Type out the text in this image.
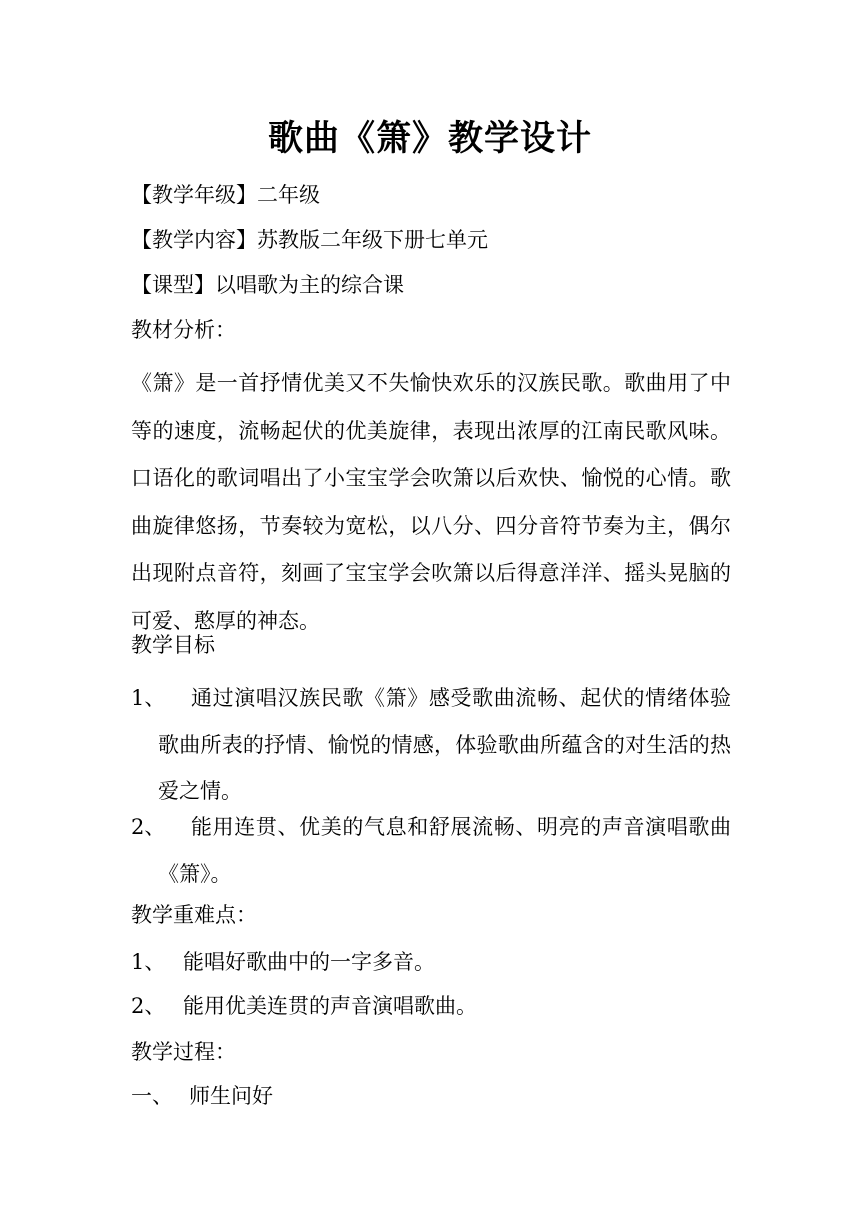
歌曲《箫》教学设计
【教学年级】二年级
【教学内容】苏教版二年级下册七单元
【课型】以唱歌为主的综合课
教材分析：
《箫》是一首抒情优美又不失愉快欢乐的汉族民歌。歌曲用了中等的速度，流畅起伏的优美旋律，表现出浓厚的江南民歌风味。口语化的歌词唱出了小宝宝学会吹箫以后欢快、愉悦的心情。歌曲旋律悠扬，节奏较为宽松，以八分、四分音符节奏为主，偶尔出现附点音符，刻画了宝宝学会吹箫以后得意洋洋、摇头晃脑的可爱、憨厚的神态。
教学目标
1、	通过演唱汉族民歌《箫》感受歌曲流畅、起伏的情绪体验歌曲所表的抒情、愉悦的情感，体验歌曲所蕴含的对生活的热爱之情。
2、	能用连贯、优美的气息和舒展流畅、明亮的声音演唱歌曲《箫》。
教学重难点：
1、 能唱好歌曲中的一字多音。
2、 能用优美连贯的声音演唱歌曲。
教学过程：
一、 师生问好
